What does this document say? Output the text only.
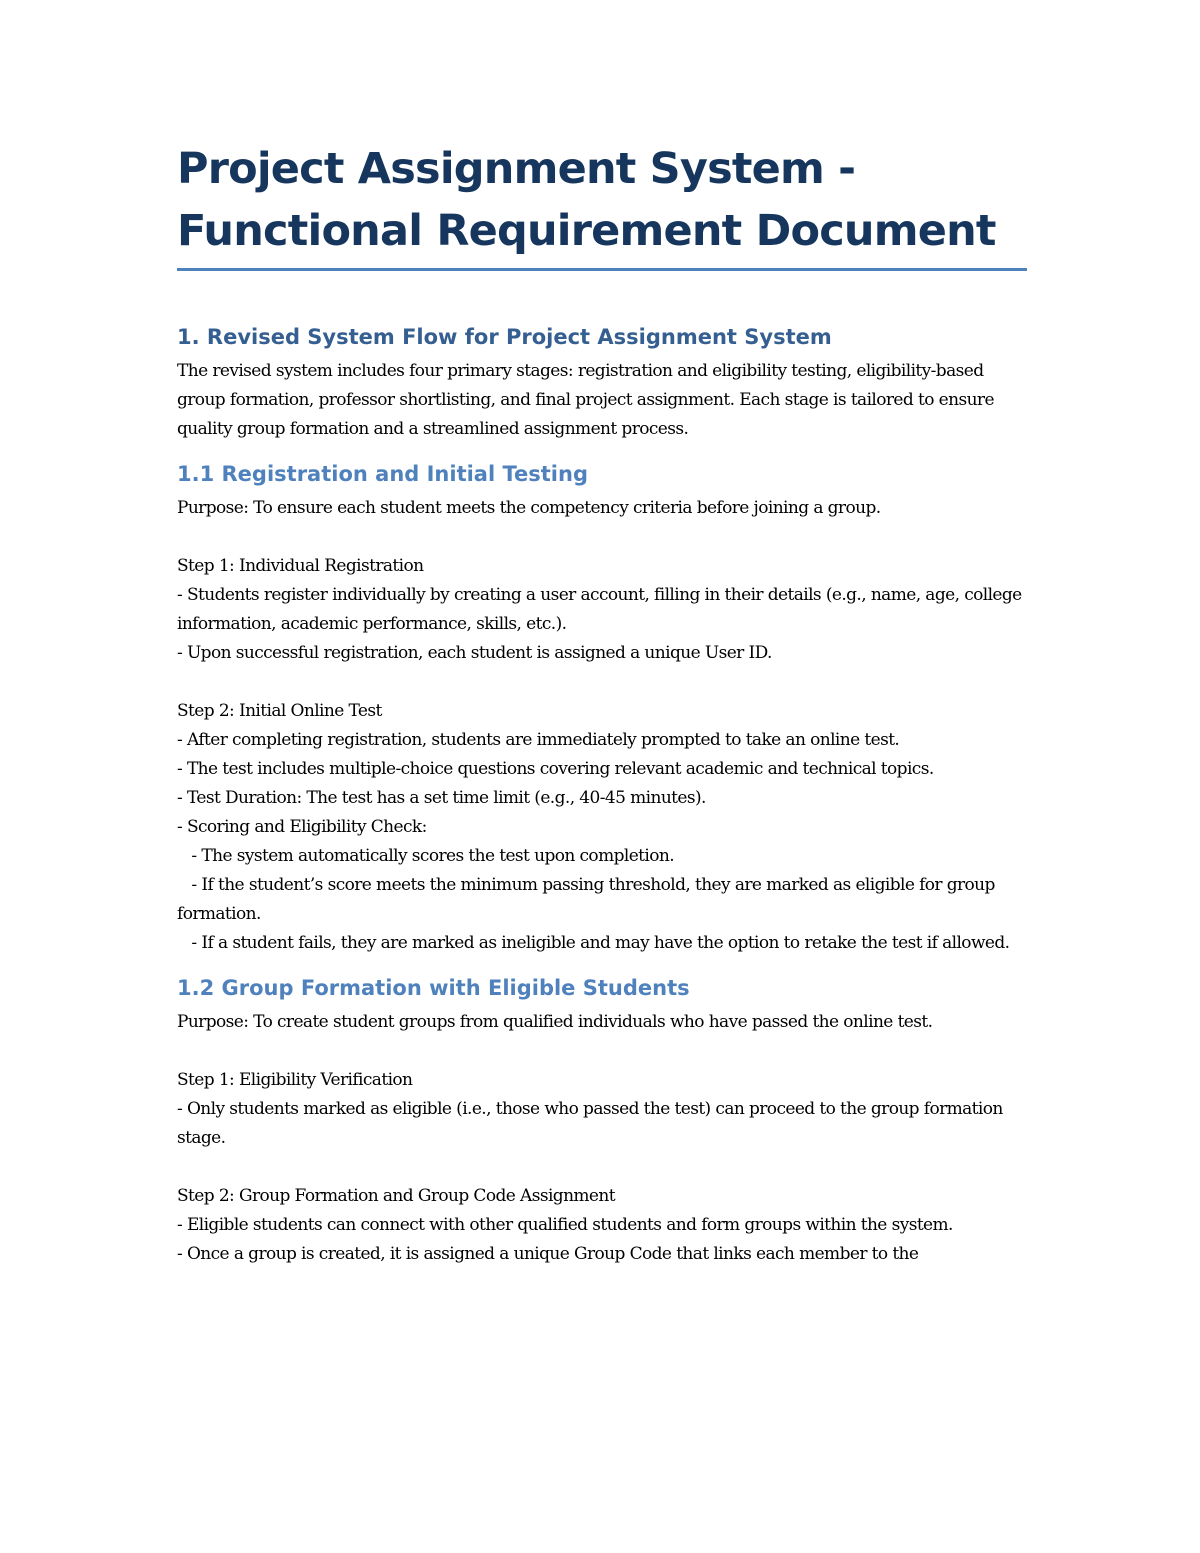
Project Assignment System - Functional Requirement Document
1. Revised System Flow for Project Assignment System

The revised system includes four primary stages: registration and eligibility testing, eligibility-based group formation, professor shortlisting, and final project assignment. Each stage is tailored to ensure quality group formation and a streamlined assignment process.

1.1 Registration and Initial Testing

Purpose: To ensure each student meets the competency criteria before joining a group.

Step 1: Individual Registration

- Students register individually by creating a user account, filling in their details (e.g., name, age, college information, academic performance, skills, etc.).

- Upon successful registration, each student is assigned a unique User ID.

Step 2: Initial Online Test

- After completing registration, students are immediately prompted to take an online test.

- The test includes multiple-choice questions covering relevant academic and technical topics.

- Test Duration: The test has a set time limit (e.g., 40-45 minutes).

- Scoring and Eligibility Check:

- The system automatically scores the test upon completion.

- If the student’s score meets the minimum passing threshold, they are marked as eligible for group formation.

- If a student fails, they are marked as ineligible and may have the option to retake the test if allowed.

1.2 Group Formation with Eligible Students

Purpose: To create student groups from qualified individuals who have passed the online test.

Step 1: Eligibility Verification

- Only students marked as eligible (i.e., those who passed the test) can proceed to the group formation stage.

Step 2: Group Formation and Group Code Assignment

- Eligible students can connect with other qualified students and form groups within the system.

- Once a group is created, it is assigned a unique Group Code that links each member to the
